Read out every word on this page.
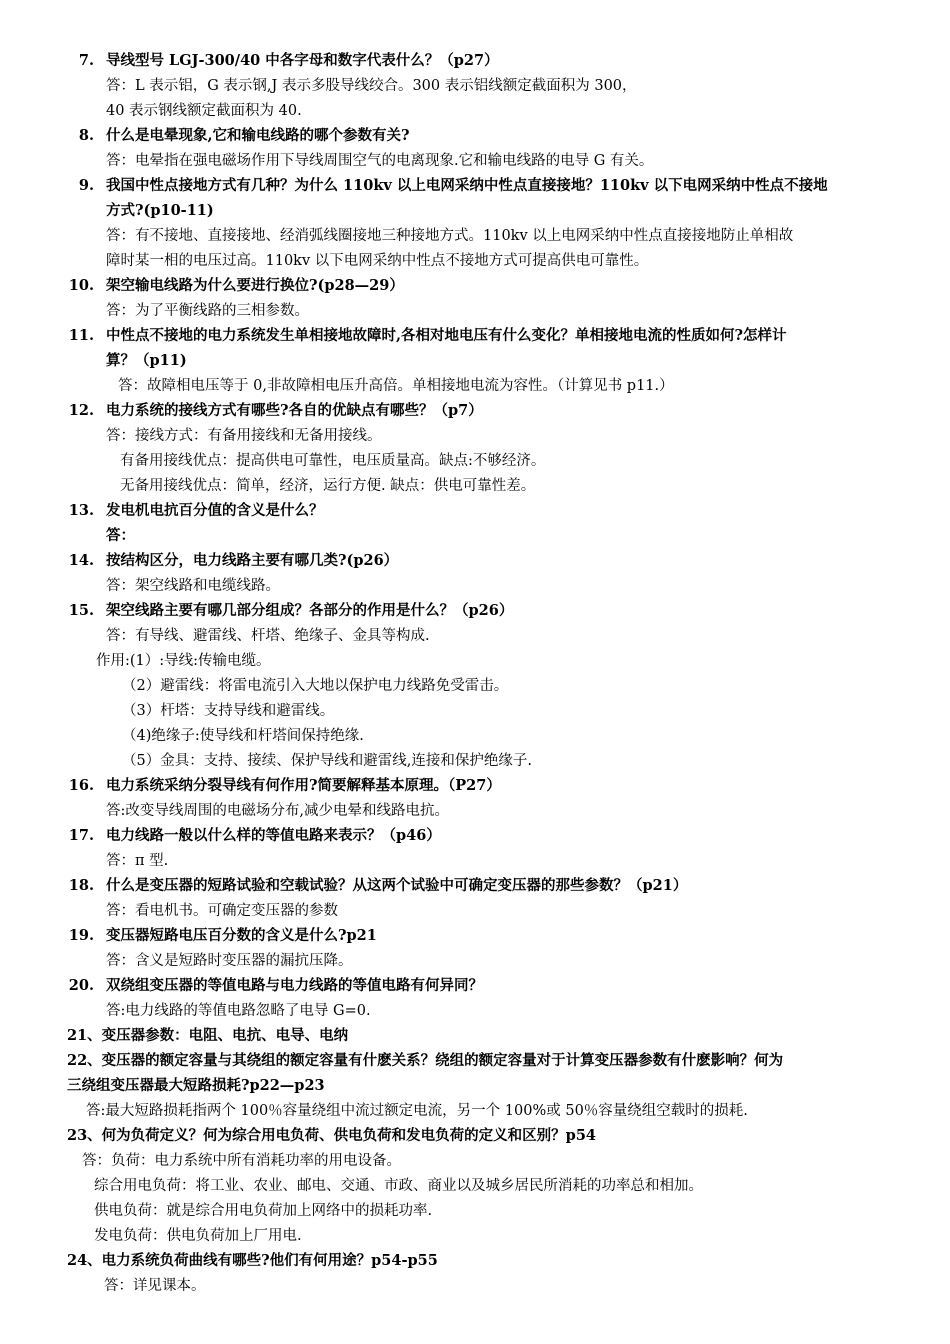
7. 导线型号 LGJ-300/40 中各字母和数字代表什么？（p27）
答：L 表示铝，G 表示钢,J 表示多股导线绞合。300 表示铝线额定截面积为 300，
40 表示钢线额定截面积为 40.
8. 什么是电晕现象,它和输电线路的哪个参数有关?
答：电晕指在强电磁场作用下导线周围空气的电离现象.它和输电线路的电导 G 有关。
9. 我国中性点接地方式有几种？为什么 110kv 以上电网采纳中性点直接接地？110kv 以下电网采纳中性点不接地
方式?(p10-11)
答：有不接地、直接接地、经消弧线圈接地三种接地方式。110kv 以上电网采纳中性点直接接地防止单相故
障时某一相的电压过高。110kv 以下电网采纳中性点不接地方式可提高供电可靠性。
10. 架空输电线路为什么要进行换位?(p28—29）
答：为了平衡线路的三相参数。
11. 中性点不接地的电力系统发生单相接地故障时,各相对地电压有什么变化？单相接地电流的性质如何?怎样计
算？（p11)
答：故障相电压等于 0,非故障相电压升高倍。单相接地电流为容性。（计算见书 p11.）
12. 电力系统的接线方式有哪些?各自的优缺点有哪些？（p7）
答：接线方式：有备用接线和无备用接线。
有备用接线优点：提高供电可靠性，电压质量高。缺点:不够经济。
无备用接线优点：简单，经济，运行方便. 缺点：供电可靠性差。
13. 发电机电抗百分值的含义是什么？
答：
14. 按结构区分，电力线路主要有哪几类?(p26）
答：架空线路和电缆线路。
15. 架空线路主要有哪几部分组成？各部分的作用是什么？（p26）
答：有导线、避雷线、杆塔、绝缘子、金具等构成.
作用:(1）:导线:传输电缆。
（2）避雷线：将雷电流引入大地以保护电力线路免受雷击。
（3）杆塔：支持导线和避雷线。
（4)绝缘子:使导线和杆塔间保持绝缘.
（5）金具：支持、接续、保护导线和避雷线,连接和保护绝缘子.
16. 电力系统采纳分裂导线有何作用?简要解释基本原理。（P27）
答:改变导线周围的电磁场分布,减少电晕和线路电抗。
17. 电力线路一般以什么样的等值电路来表示？（p46）
答：π 型.
18. 什么是变压器的短路试验和空载试验？从这两个试验中可确定变压器的那些参数？（p21）
答：看电机书。可确定变压器的参数
19. 变压器短路电压百分数的含义是什么?p21
答：含义是短路时变压器的漏抗压降。
20. 双绕组变压器的等值电路与电力线路的等值电路有何异同？
答:电力线路的等值电路忽略了电导 G=0.
21、变压器参数：电阻、电抗、电导、电纳
22、变压器的额定容量与其绕组的额定容量有什麽关系？绕组的额定容量对于计算变压器参数有什麽影响？何为
三绕组变压器最大短路损耗?p22—p23
答:最大短路损耗指两个 100％容量绕组中流过额定电流，另一个 100%或 50％容量绕组空载时的损耗.
23、何为负荷定义？何为综合用电负荷、供电负荷和发电负荷的定义和区别？p54
答：负荷：电力系统中所有消耗功率的用电设备。
综合用电负荷：将工业、农业、邮电、交通、市政、商业以及城乡居民所消耗的功率总和相加。
供电负荷：就是综合用电负荷加上网络中的损耗功率.
发电负荷：供电负荷加上厂用电.
24、电力系统负荷曲线有哪些?他们有何用途？p54-p55
答：详见课本。
